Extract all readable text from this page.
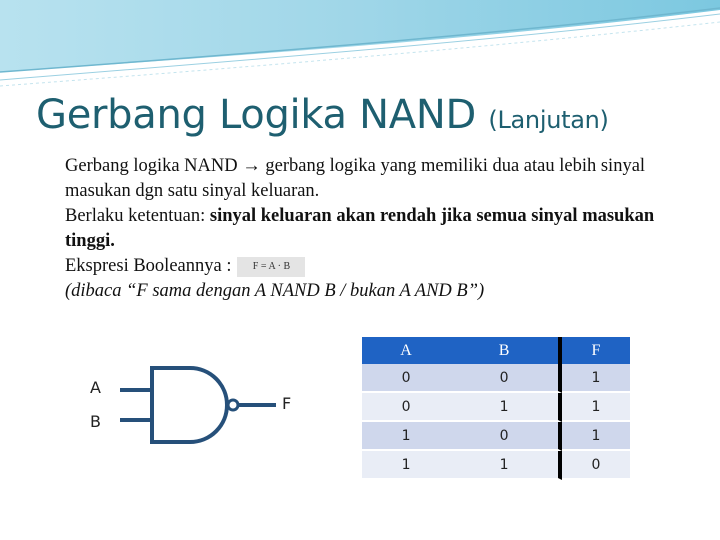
Gerbang Logika NAND (Lanjutan)

Gerbang logika NAND → gerbang logika yang memiliki dua atau lebih sinyal masukan dgn satu sinyal keluaran.

Berlaku ketentuan: sinyal keluaran akan rendah jika semua sinyal masukan tinggi.

Ekspresi Booleannya : F = A · B

(dibaca “F sama dengan A NAND B / bukan A AND B”)

A
B
F
A	B	F
0	0	1
0	1	1
1	0	1
1	1	0
